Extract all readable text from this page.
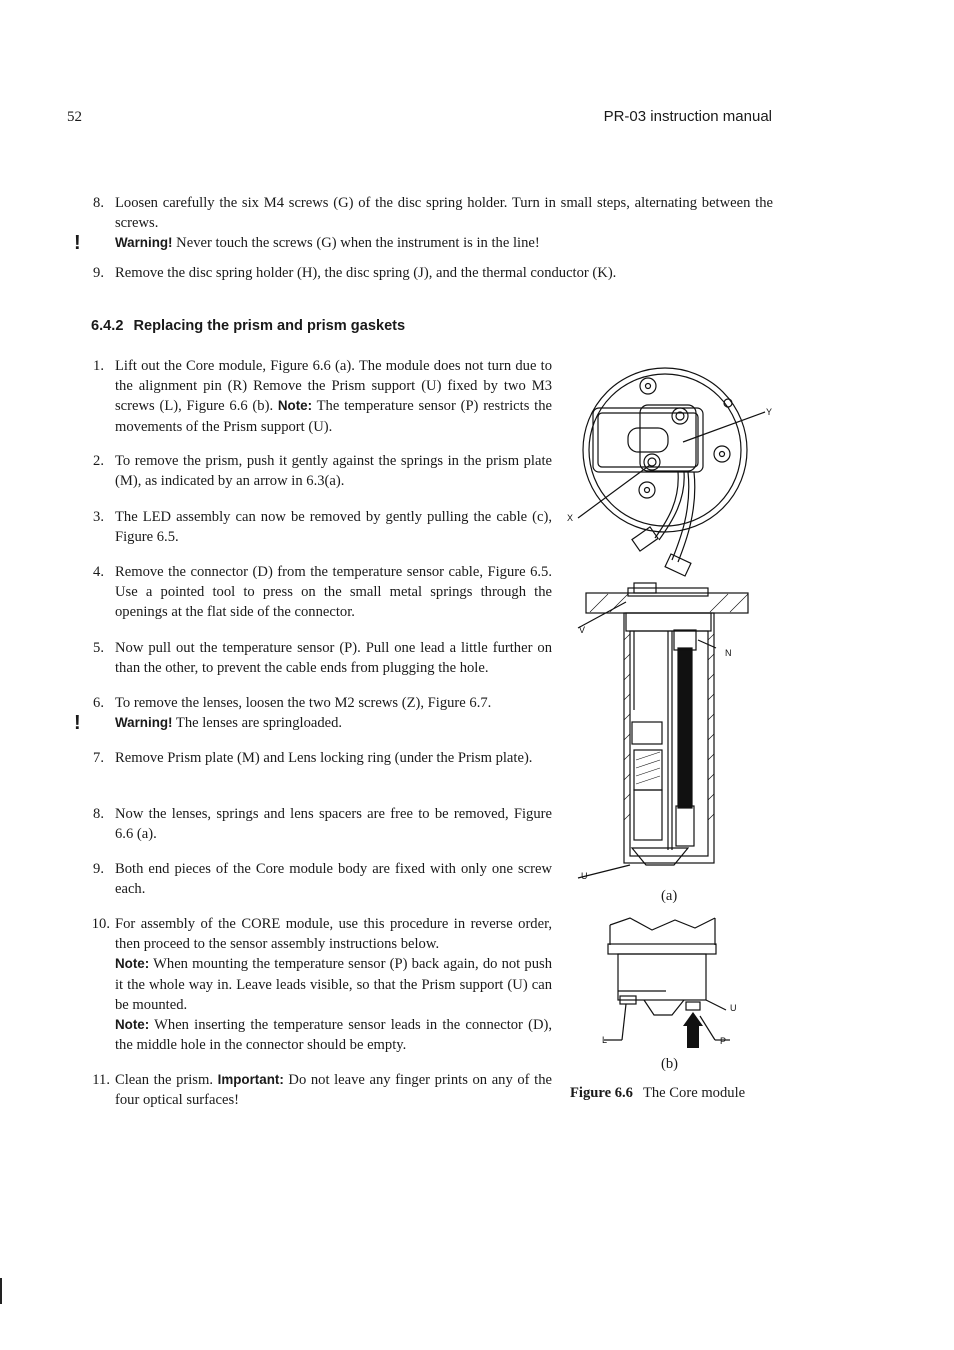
52	PR-03 instruction manual
8. Loosen carefully the six M4 screws (G) of the disc spring holder. Turn in small steps, alternating between the screws.
!	Warning! Never touch the screws (G) when the instrument is in the line!
9. Remove the disc spring holder (H), the disc spring (J), and the thermal conductor (K).
6.4.2 Replacing the prism and prism gaskets
1. Lift out the Core module, Figure 6.6 (a). The module does not turn due to the alignment pin (R) Remove the Prism support (U) fixed by two M3 screws (L), Figure 6.6 (b). Note: The temperature sensor (P) restricts the movements of the Prism support (U).
2. To remove the prism, push it gently against the springs in the prism plate (M), as indicated by an arrow in 6.3(a).
3. The LED assembly can now be removed by gently pulling the cable (c), Figure 6.5.
4. Remove the connector (D) from the temperature sensor cable, Figure 6.5. Use a pointed tool to press on the small metal springs through the openings at the flat side of the connector.
5. Now pull out the temperature sensor (P). Pull one lead a little further on than the other, to prevent the cable ends from plugging the hole.
6. To remove the lenses, loosen the two M2 screws (Z), Figure 6.7.
!	Warning! The lenses are springloaded.
7. Remove Prism plate (M) and Lens locking ring (under the Prism plate).
8. Now the lenses, springs and lens spacers are free to be removed, Figure 6.6 (a).
9. Both end pieces of the Core module body are fixed with only one screw each.
10. For assembly of the CORE module, use this procedure in reverse order, then proceed to the sensor assembly instructions below.
Note: When mounting the temperature sensor (P) back again, do not push it the whole way in. Leave leads visible, so that the Prism support (U) can be mounted.
Note: When inserting the temperature sensor leads in the connector (D), the middle hole in the connector should be empty.
11. Clean the prism. Important: Do not leave any finger prints on any of the four optical surfaces!
Y
X
V
N
U
U
L	P
(a)
(b)
Figure 6.6 The Core module
